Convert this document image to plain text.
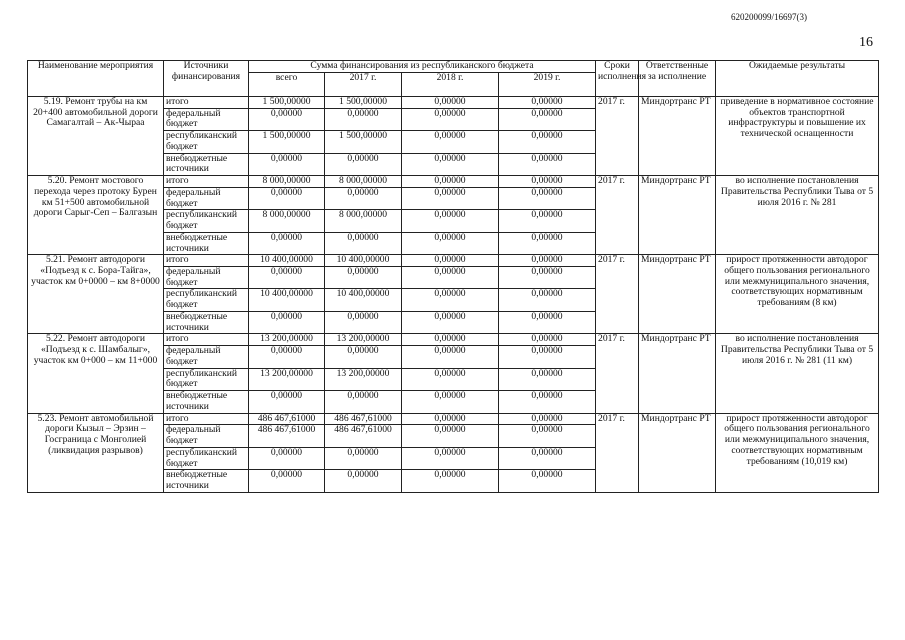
620200099/16697(3)
16
Наименование мероприятия	Источники финансирования	Сумма финансирования из республиканского бюджета				Сроки исполнения	Ответственные за исполнение	Ожидаемые результаты
		всего	2017 г.	2018 г.	2019 г.			
5.19. Ремонт трубы на км 20+400 автомобильной дороги Самагалтай – Ак-Чыраа	итого	1 500,00000	1 500,00000	0,00000	0,00000	2017 г.	Миндортранс РТ	приведение в нормативное состояние объектов транспортной инфраструктуры и повышение их технической оснащенности
	федеральный бюджет	0,00000	0,00000	0,00000	0,00000			
	республиканский бюджет	1 500,00000	1 500,00000	0,00000	0,00000			
	внебюджетные источники	0,00000	0,00000	0,00000	0,00000			
5.20. Ремонт мостового перехода через протоку Бурен км 51+500 автомобильной дороги Сарыг-Сеп – Балгазын	итого	8 000,00000	8 000,00000	0,00000	0,00000	2017 г.	Миндортранс РТ	во исполнение постановления Правительства Республики Тыва от 5 июля 2016 г. № 281
	федеральный бюджет	0,00000	0,00000	0,00000	0,00000			
	республиканский бюджет	8 000,00000	8 000,00000	0,00000	0,00000			
	внебюджетные источники	0,00000	0,00000	0,00000	0,00000			
5.21. Ремонт автодороги «Подъезд к с. Бора-Тайга», участок км 0+0000 – км 8+0000	итого	10 400,00000	10 400,00000	0,00000	0,00000	2017 г.	Миндортранс РТ	прирост протяженности автодорог общего пользования регионального или межмуниципального значения, соответствующих нормативным требованиям (8 км)
	федеральный бюджет	0,00000	0,00000	0,00000	0,00000			
	республиканский бюджет	10 400,00000	10 400,00000	0,00000	0,00000			
	внебюджетные источники	0,00000	0,00000	0,00000	0,00000			
5.22. Ремонт автодороги «Подъезд к с. Шамбалыг», участок км 0+000 – км 11+000	итого	13 200,00000	13 200,00000	0,00000	0,00000	2017 г.	Миндортранс РТ	во исполнение постановления Правительства Республики Тыва от 5 июля 2016 г. № 281 (11 км)
	федеральный бюджет	0,00000	0,00000	0,00000	0,00000			
	республиканский бюджет	13 200,00000	13 200,00000	0,00000	0,00000			
	внебюджетные источники	0,00000	0,00000	0,00000	0,00000			
5.23. Ремонт автомобильной дороги Кызыл – Эрзин – Госграница с Монголией (ликвидация разрывов)	итого	486 467,61000	486 467,61000	0,00000	0,00000	2017 г.	Миндортранс РТ	прирост протяженности автодорог общего пользования регионального или межмуниципального значения, соответствующих нормативным требованиям (10,019 км)
	федеральный бюджет	486 467,61000	486 467,61000	0,00000	0,00000			
	республиканский бюджет	0,00000	0,00000	0,00000	0,00000			
	внебюджетные источники	0,00000	0,00000	0,00000	0,00000			
